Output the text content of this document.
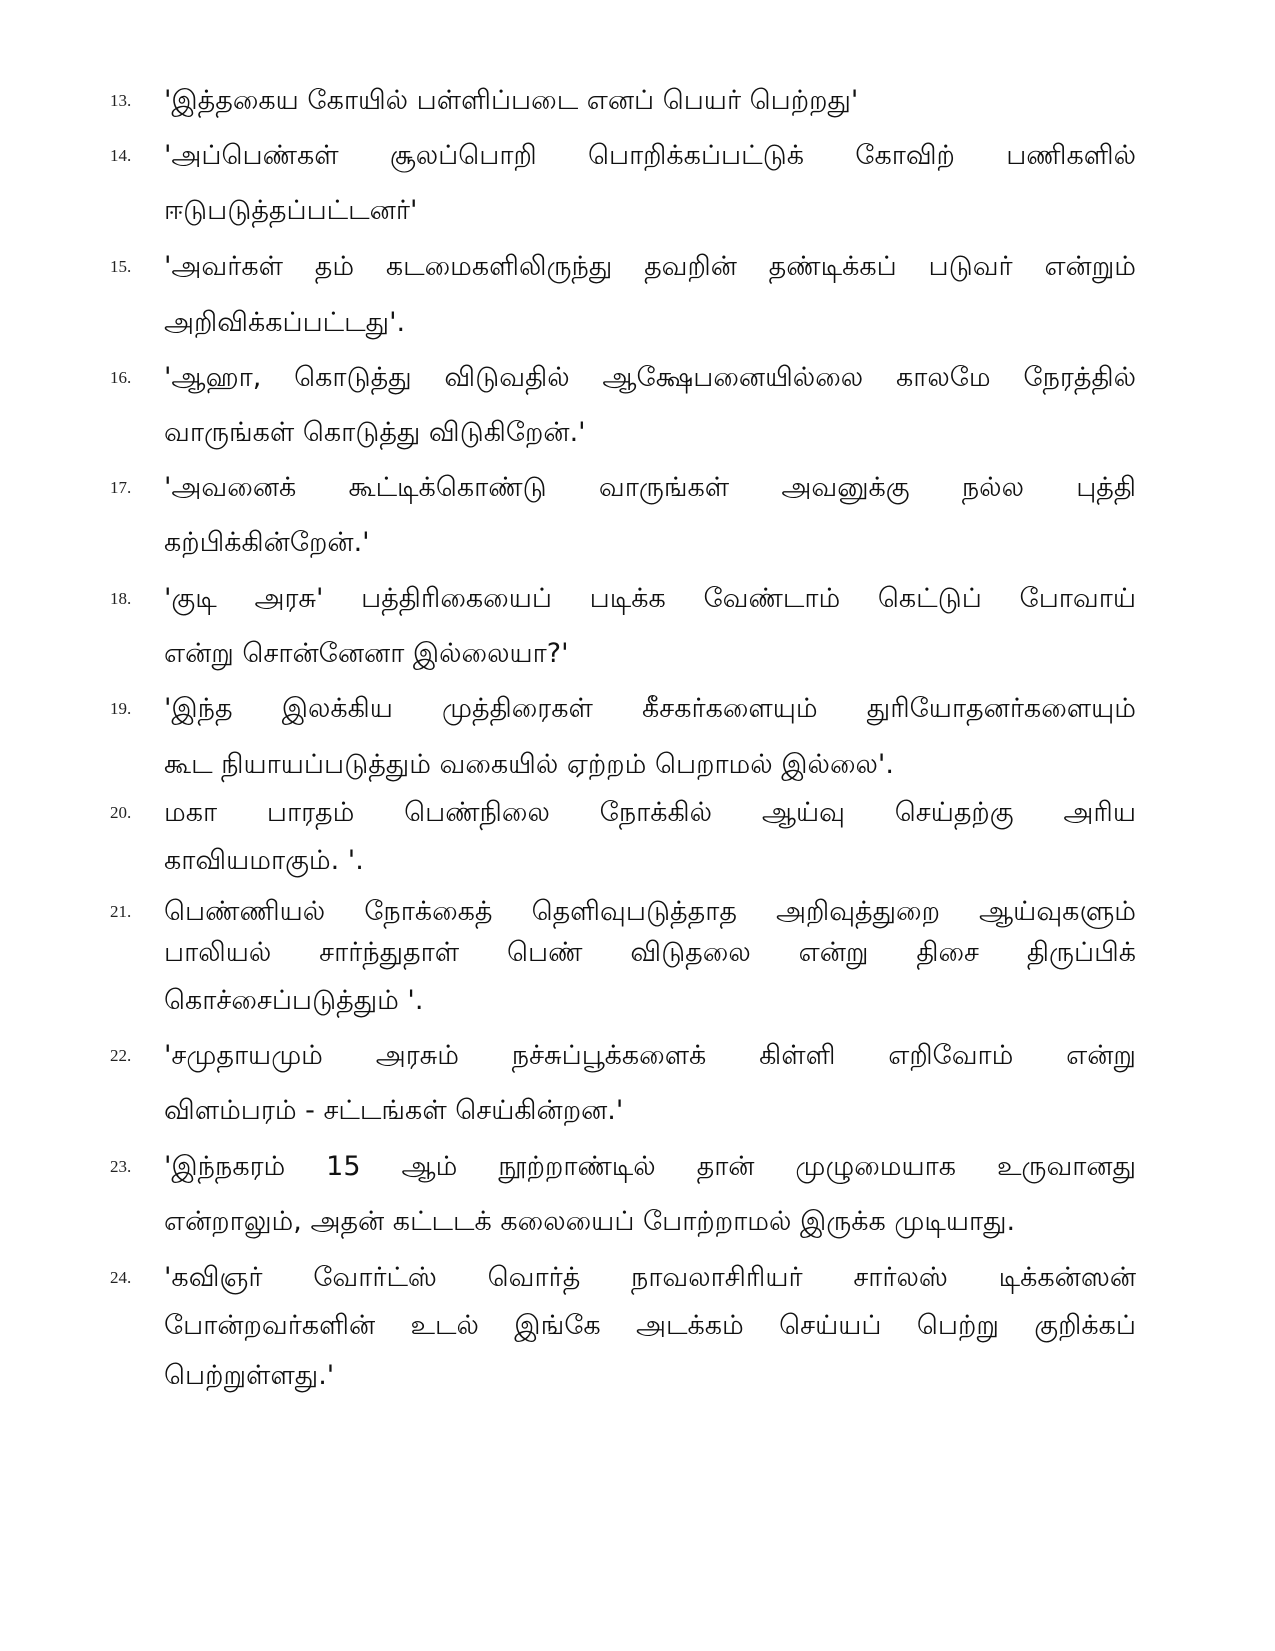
13. 'இத்தகைய கோயில் பள்ளிப்படை எனப் பெயர் பெற்றது'
14. 'அப்பெண்கள் சூலப்பொறி பொறிக்கப்பட்டுக் கோவிற் பணிகளில்
ஈடுபடுத்தப்பட்டனர்'
15. 'அவர்கள் தம் கடமைகளிலிருந்து தவறின் தண்டிக்கப் படுவர் என்றும்
அறிவிக்கப்பட்டது'.
16. 'ஆஹா, கொடுத்து விடுவதில் ஆக்ஷேபனையில்லை காலமே நேரத்தில்
வாருங்கள் கொடுத்து விடுகிறேன்.'
17. 'அவனைக் கூட்டிக்கொண்டு வாருங்கள் அவனுக்கு நல்ல புத்தி
கற்பிக்கின்றேன்.'
18. 'குடி அரசு' பத்திரிகையைப் படிக்க வேண்டாம் கெட்டுப் போவாய்
என்று சொன்னேனா இல்லையா?'
19. 'இந்த இலக்கிய முத்திரைகள் கீசகர்களையும் துரியோதனர்களையும்
கூட நியாயப்படுத்தும் வகையில் ஏற்றம் பெறாமல் இல்லை'.
20. மகா பாரதம் பெண்நிலை நோக்கில் ஆய்வு செய்தற்கு அரிய
காவியமாகும். '.
21. பெண்ணியல் நோக்கைத் தெளிவுபடுத்தாத அறிவுத்துறை ஆய்வுகளும்
பாலியல் சார்ந்துதாள் பெண் விடுதலை என்று திசை திருப்பிக்
கொச்சைப்படுத்தும் '.
22. 'சமுதாயமும் அரசும் நச்சுப்பூக்களைக் கிள்ளி எறிவோம் என்று
விளம்பரம் - சட்டங்கள் செய்கின்றன.'
23. 'இந்நகரம் 15 ஆம் நூற்றாண்டில் தான் முழுமையாக உருவானது
என்றாலும், அதன் கட்டடக் கலையைப் போற்றாமல் இருக்க முடியாது.
24. 'கவிஞர் வோர்ட்ஸ் வொர்த் நாவலாசிரியர் சார்லஸ் டிக்கன்ஸன்
போன்றவர்களின் உடல் இங்கே அடக்கம் செய்யப் பெற்று குறிக்கப்
பெற்றுள்ளது.'
